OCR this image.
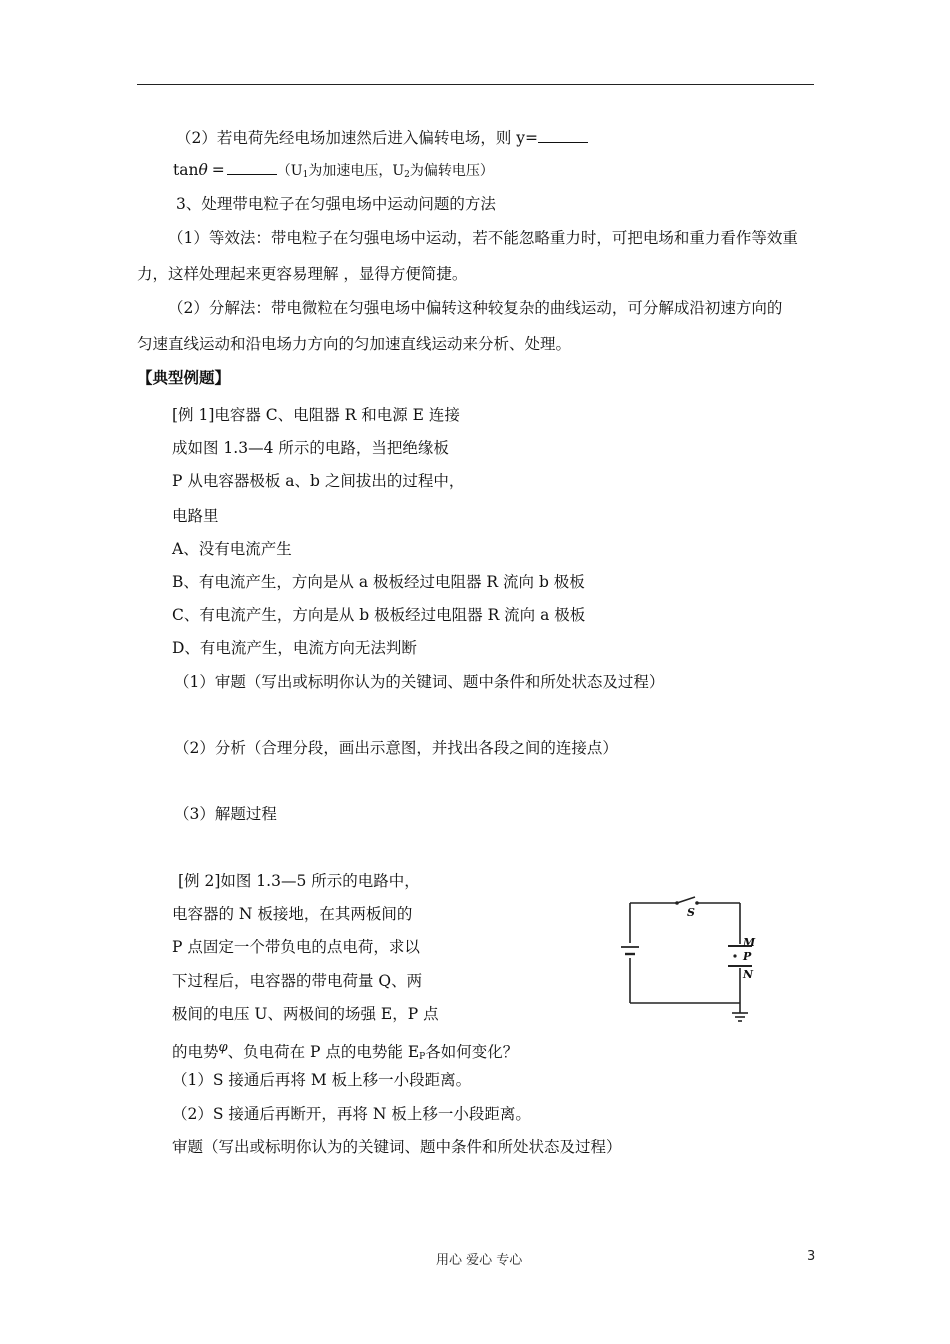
（2）若电荷先经电场加速然后进入偏转电场，则 y=
tanθ =	（$U_1$为加速电压，$U_2$为偏转电压）
3、处理带电粒子在匀强电场中运动问题的方法
（1）等效法：带电粒子在匀强电场中运动，若不能忽略重力时，可把电场和重力看作等效重
力，这样处理起来更容易理解 ，显得方便简捷。
（2）分解法：带电微粒在匀强电场中偏转这种较复杂的曲线运动，可分解成沿初速方向的
匀速直线运动和沿电场力方向的匀加速直线运动来分析、处理。
【典型例题】
[例 1]电容器 C、电阻器 R 和电源 E 连接
成如图 1.3—4 所示的电路，当把绝缘板
P 从电容器极板 a、b 之间拔出的过程中，
电路里
A、没有电流产生
B、有电流产生，方向是从 a 极板经过电阻器 R 流向 b 极板
C、有电流产生，方向是从 b 极板经过电阻器 R 流向 a 极板
D、有电流产生，电流方向无法判断
（1）审题（写出或标明你认为的关键词、题中条件和所处状态及过程）
（2）分析（合理分段，画出示意图，并找出各段之间的连接点）
（3）解题过程
[例 2]如图 1.3—5 所示的电路中，
电容器的 N 板接地，在其两板间的
P 点固定一个带负电的点电荷，求以
下过程后，电容器的带电荷量 Q、两
极间的电压 U、两极间的场强 E，P 点
的电势$^\varphi$、负电荷在 P 点的电势能 $E_P$各如何变化？
（1）S 接通后再将 M 板上移一小段距离。
（2）S 接通后再断开，再将 N 板上移一小段距离。
审题（写出或标明你认为的关键词、题中条件和所处状态及过程）
S
M
P
N
用心 爱心 专心	3
